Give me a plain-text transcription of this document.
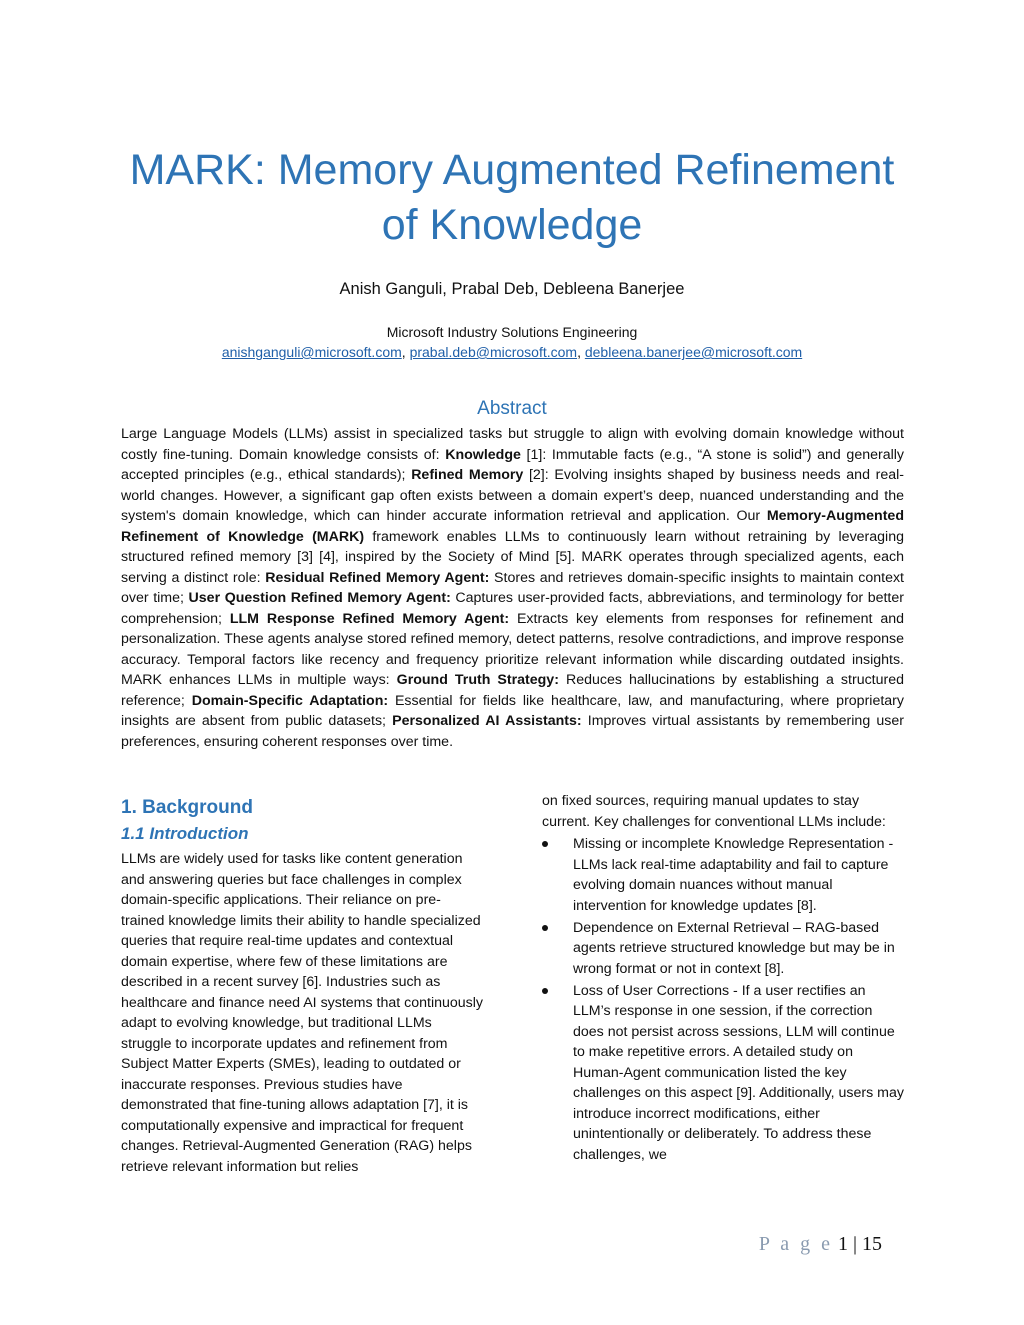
MARK: Memory Augmented Refinement
of Knowledge
Anish Ganguli, Prabal Deb, Debleena Banerjee
Microsoft Industry Solutions Engineering
anishganguli@microsoft.com, prabal.deb@microsoft.com, debleena.banerjee@microsoft.com
Abstract
Large Language Models (LLMs) assist in specialized tasks but struggle to align with evolving domain knowledge without costly fine-tuning. Domain knowledge consists of: Knowledge [1]: Immutable facts (e.g., “A stone is solid”) and generally accepted principles (e.g., ethical standards); Refined Memory [2]: Evolving insights shaped by business needs and real-world changes. However, a significant gap often exists between a domain expert’s deep, nuanced understanding and the system's domain knowledge, which can hinder accurate information retrieval and application. Our Memory-Augmented Refinement of Knowledge (MARK) framework enables LLMs to continuously learn without retraining by leveraging structured refined memory [3] [4], inspired by the Society of Mind [5]. MARK operates through specialized agents, each serving a distinct role: Residual Refined Memory Agent: Stores and retrieves domain-specific insights to maintain context over time; User Question Refined Memory Agent: Captures user-provided facts, abbreviations, and terminology for better comprehension; LLM Response Refined Memory Agent: Extracts key elements from responses for refinement and personalization. These agents analyse stored refined memory, detect patterns, resolve contradictions, and improve response accuracy. Temporal factors like recency and frequency prioritize relevant information while discarding outdated insights. MARK enhances LLMs in multiple ways: Ground Truth Strategy: Reduces hallucinations by establishing a structured reference; Domain-Specific Adaptation: Essential for fields like healthcare, law, and manufacturing, where proprietary insights are absent from public datasets; Personalized AI Assistants: Improves virtual assistants by remembering user preferences, ensuring coherent responses over time.
1. Background
1.1 Introduction

LLMs are widely used for tasks like content generation and answering queries but face challenges in complex domain-specific applications. Their reliance on pre-trained knowledge limits their ability to handle specialized queries that require real-time updates and contextual domain expertise, where few of these limitations are described in a recent survey [6]. Industries such as healthcare and finance need AI systems that continuously adapt to evolving knowledge, but traditional LLMs struggle to incorporate updates and refinement from Subject Matter Experts (SMEs), leading to outdated or inaccurate responses. Previous studies have demonstrated that fine-tuning allows adaptation [7], it is computationally expensive and impractical for frequent changes. Retrieval-Augmented Generation (RAG) helps retrieve relevant information but relies

on fixed sources, requiring manual updates to stay current. Key challenges for conventional LLMs include:

Missing or incomplete Knowledge Representation - LLMs lack real-time adaptability and fail to capture evolving domain nuances without manual intervention for knowledge updates [8].
Dependence on External Retrieval – RAG-based agents retrieve structured knowledge but may be in wrong format or not in context [8].
Loss of User Corrections - If a user rectifies an LLM’s response in one session, if the correction does not persist across sessions, LLM will continue to make repetitive errors. A detailed study on Human-Agent communication listed the key challenges on this aspect [9]. Additionally, users may introduce incorrect modifications, either unintentionally or deliberately. To address these challenges, we
P a g e 1 | 15
